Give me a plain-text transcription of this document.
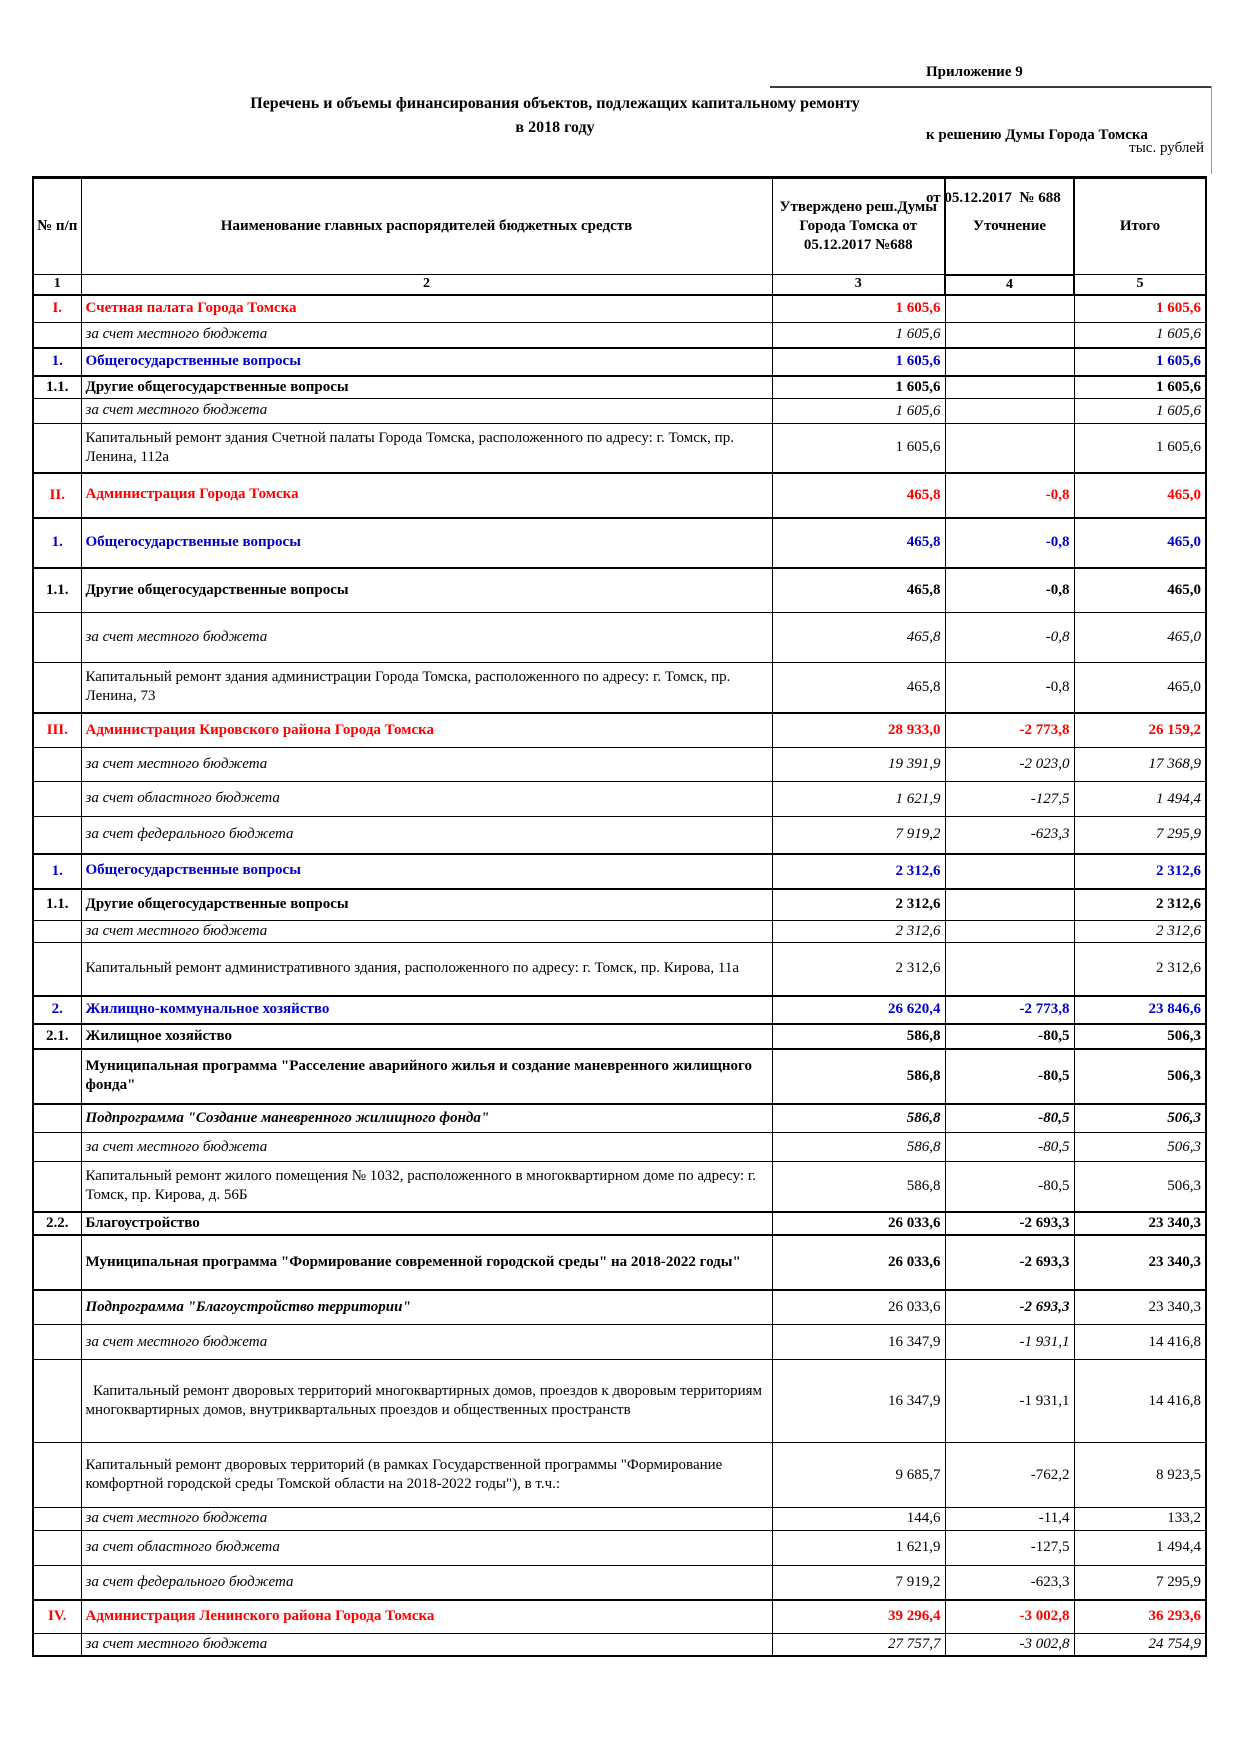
Приложение 9

к решению Думы Города Томска

от 05.12.2017  № 688

Перечень и объемы финансирования объектов, подлежащих капитальному ремонту
в 2018 году
тыс. рублей
№ п/п	Наименование главных распорядителей бюджетных средств	Утверждено реш.Думы Города Томска от 05.12.2017 №688	Уточнение	Итого
1	2	3	4	5
I.	Счетная палата Города Томска	1 605,6		1 605,6
	за счет местного бюджета	1 605,6		1 605,6
1.	Общегосударственные вопросы	1 605,6		1 605,6
1.1.	Другие общегосударственные вопросы	1 605,6		1 605,6
	за счет местного бюджета	1 605,6		1 605,6
	Капитальный ремонт здания Счетной палаты Города Томска, расположенного по адресу: г. Томск, пр. Ленина, 112а	1 605,6		1 605,6
II.	Администрация Города Томска	465,8	-0,8	465,0
1.	Общегосударственные вопросы	465,8	-0,8	465,0
1.1.	Другие общегосударственные вопросы	465,8	-0,8	465,0
	за счет местного бюджета	465,8	-0,8	465,0
	Капитальный ремонт здания администрации Города Томска, расположенного по адресу: г. Томск, пр. Ленина, 73	465,8	-0,8	465,0
III.	Администрация Кировского района Города Томска	28 933,0	-2 773,8	26 159,2
	за счет местного бюджета	19 391,9	-2 023,0	17 368,9
	за счет областного бюджета	1 621,9	-127,5	1 494,4
	за счет федерального бюджета	7 919,2	-623,3	7 295,9
1.	Общегосударственные вопросы	2 312,6		2 312,6
1.1.	Другие общегосударственные вопросы	2 312,6		2 312,6
	за счет местного бюджета	2 312,6		2 312,6
	Капитальный ремонт административного здания, расположенного по адресу: г. Томск, пр. Кирова, 11а	2 312,6		2 312,6
2.	Жилищно-коммунальное хозяйство	26 620,4	-2 773,8	23 846,6
2.1.	Жилищное хозяйство	586,8	-80,5	506,3
	Муниципальная программа "Расселение аварийного жилья и создание маневренного жилищного фонда"	586,8	-80,5	506,3
	Подпрограмма "Создание маневренного жилищного фонда"	586,8	-80,5	506,3
	за счет местного бюджета	586,8	-80,5	506,3
	Капитальный ремонт жилого помещения № 1032, расположенного в многоквартирном доме по адресу: г. Томск, пр. Кирова, д. 56Б	586,8	-80,5	506,3
2.2.	Благоустройство	26 033,6	-2 693,3	23 340,3
	Муниципальная программа "Формирование современной городской среды" на 2018-2022 годы"	26 033,6	-2 693,3	23 340,3
	Подпрограмма "Благоустройство территории"	26 033,6	-2 693,3	23 340,3
	за счет местного бюджета	16 347,9	-1 931,1	14 416,8
	Капитальный ремонт дворовых территорий многоквартирных домов, проездов к дворовым территориям многоквартирных домов, внутриквартальных проездов и общественных пространств	16 347,9	-1 931,1	14 416,8
	Капитальный ремонт дворовых территорий (в рамках Государственной программы "Формирование комфортной городской среды Томской области на 2018-2022 годы"), в т.ч.:	9 685,7	-762,2	8 923,5
	за счет местного бюджета	144,6	-11,4	133,2
	за счет областного бюджета	1 621,9	-127,5	1 494,4
	за счет федерального бюджета	7 919,2	-623,3	7 295,9
IV.	Администрация Ленинского района Города Томска	39 296,4	-3 002,8	36 293,6
	за счет местного бюджета	27 757,7	-3 002,8	24 754,9
